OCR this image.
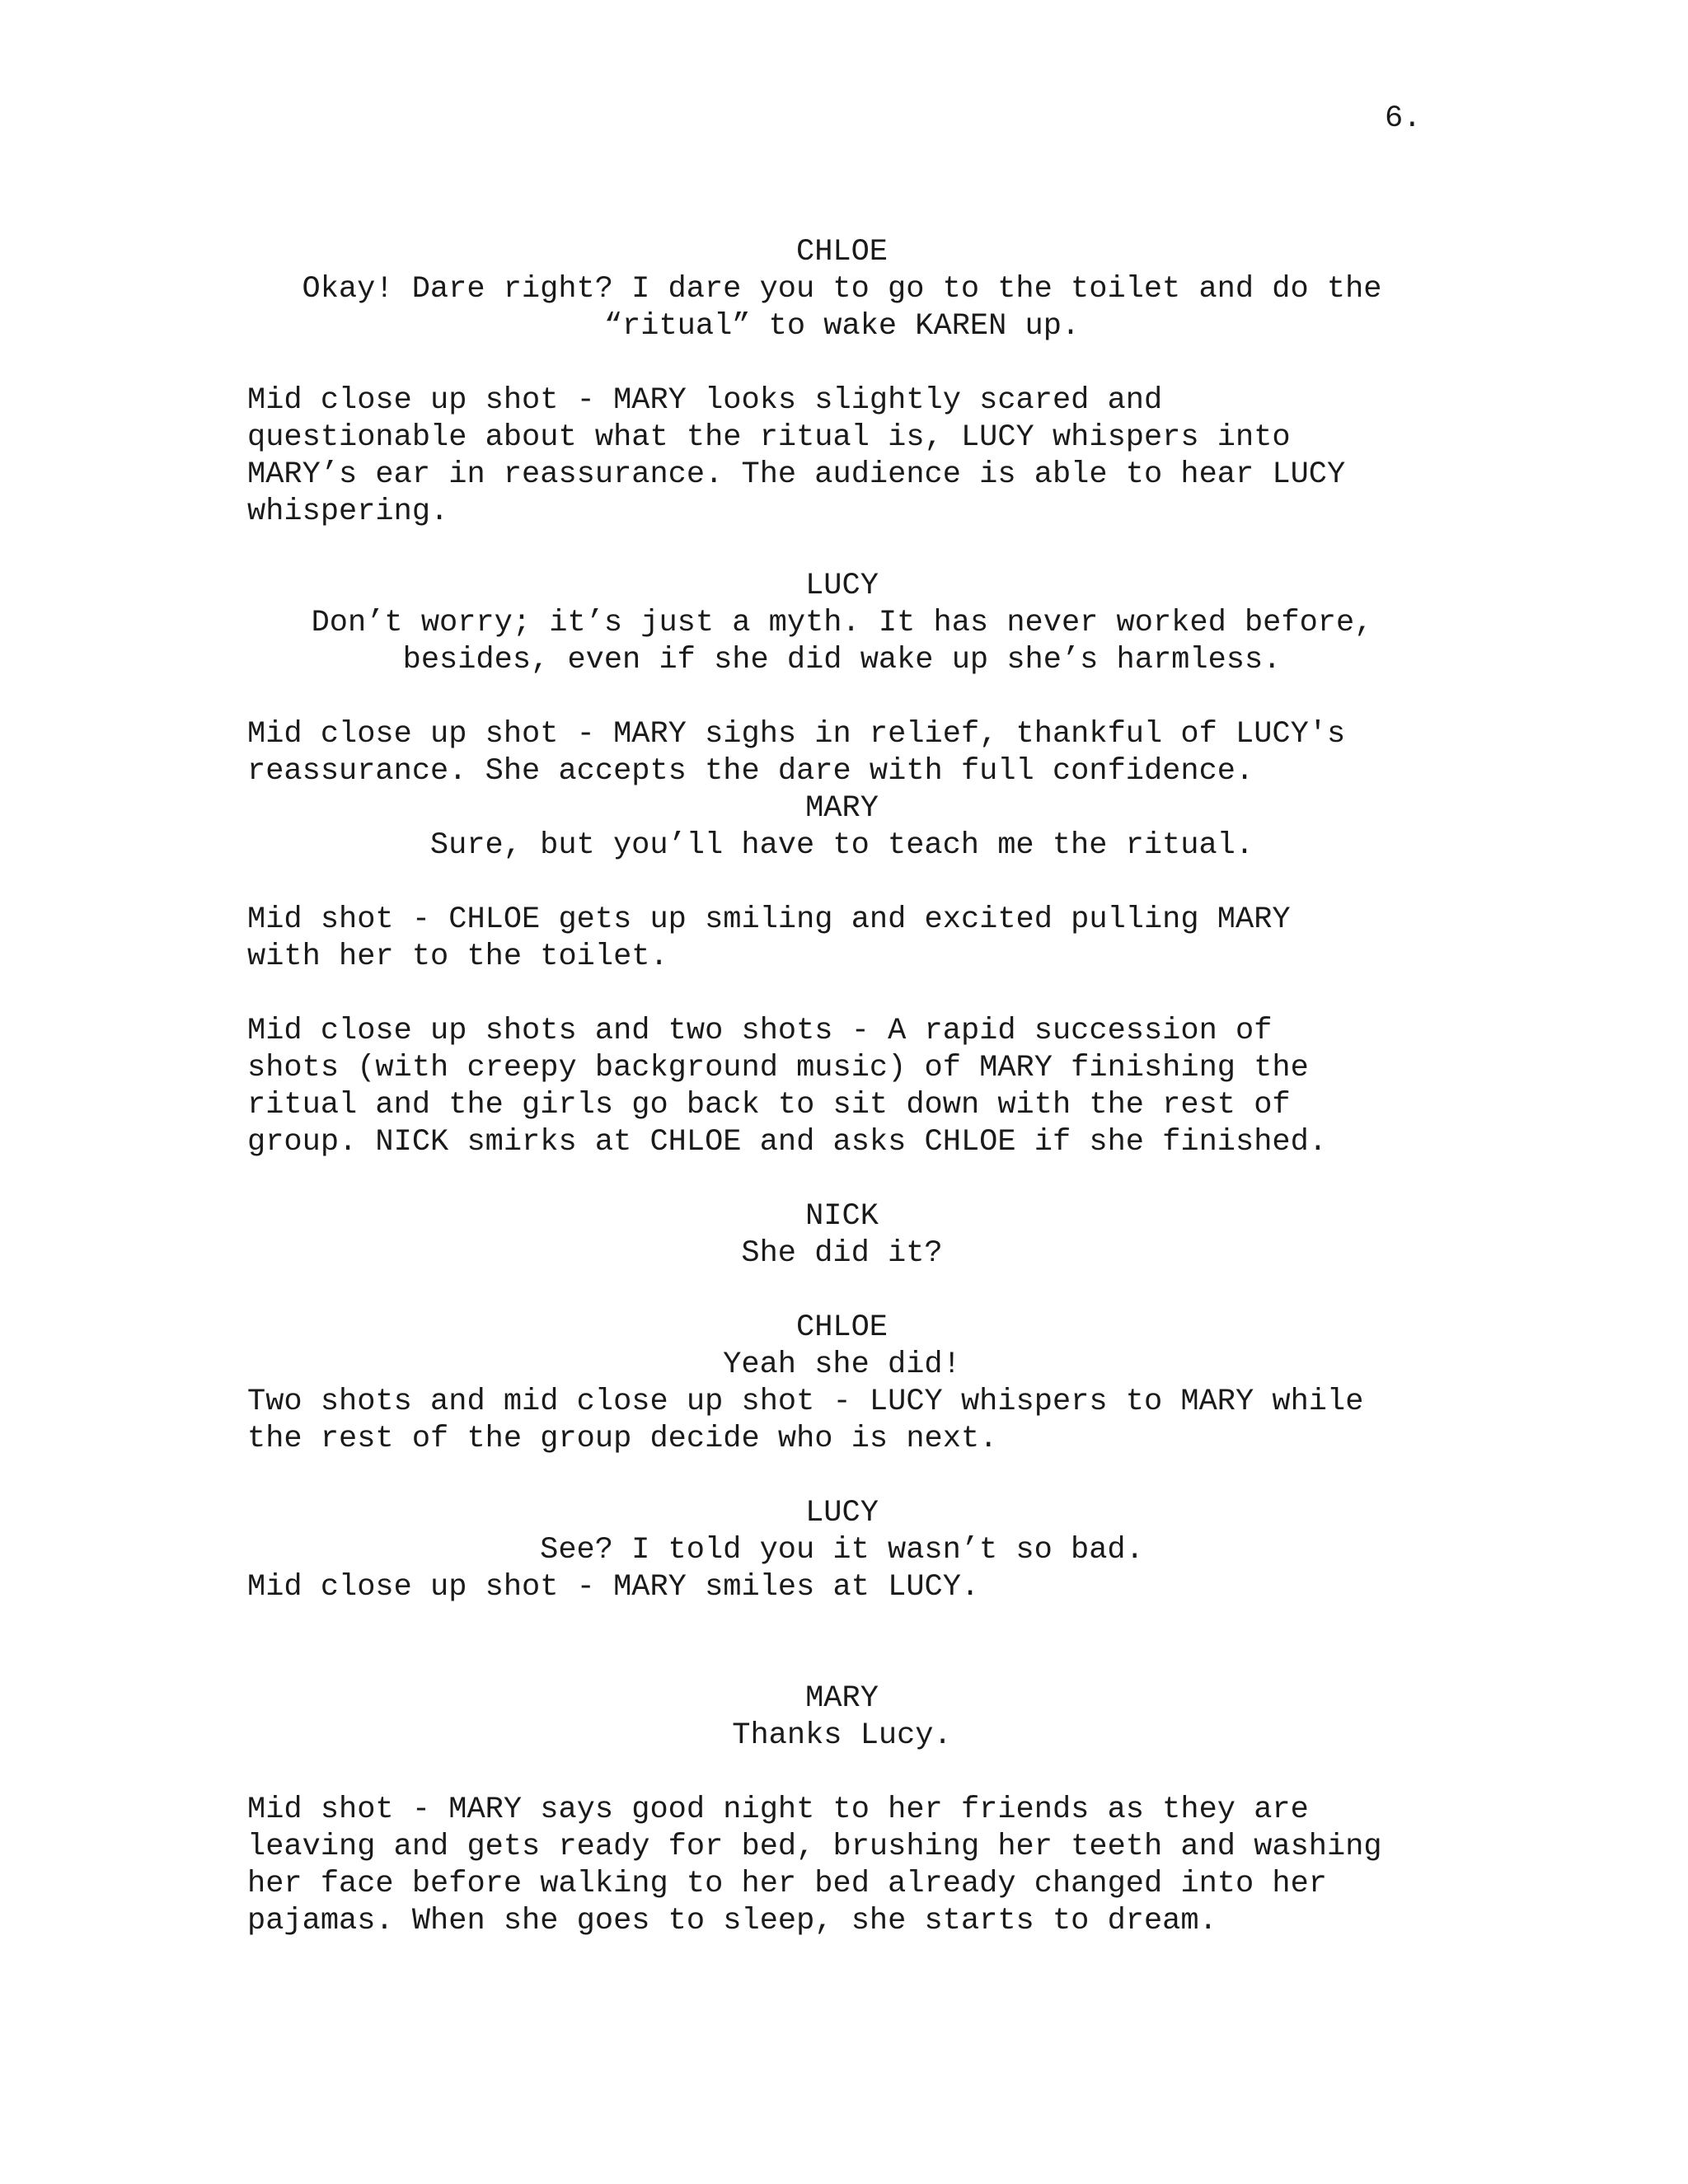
6.
CHLOE
Okay! Dare right? I dare you to go to the toilet and do the
“ritual” to wake KAREN up.
Mid close up shot - MARY looks slightly scared and
questionable about what the ritual is, LUCY whispers into
MARY’s ear in reassurance. The audience is able to hear LUCY
whispering.
LUCY
Don’t worry; it’s just a myth. It has never worked before,
besides, even if she did wake up she’s harmless.
Mid close up shot - MARY sighs in relief, thankful of LUCY's
reassurance. She accepts the dare with full confidence.
MARY
Sure, but you’ll have to teach me the ritual.
Mid shot - CHLOE gets up smiling and excited pulling MARY
with her to the toilet.
Mid close up shots and two shots - A rapid succession of
shots (with creepy background music) of MARY finishing the
ritual and the girls go back to sit down with the rest of
group. NICK smirks at CHLOE and asks CHLOE if she finished.
NICK
She did it?
CHLOE
Yeah she did!
Two shots and mid close up shot - LUCY whispers to MARY while
the rest of the group decide who is next.
LUCY
See? I told you it wasn’t so bad.
Mid close up shot - MARY smiles at LUCY.
MARY
Thanks Lucy.
Mid shot - MARY says good night to her friends as they are
leaving and gets ready for bed, brushing her teeth and washing
her face before walking to her bed already changed into her
pajamas. When she goes to sleep, she starts to dream.
